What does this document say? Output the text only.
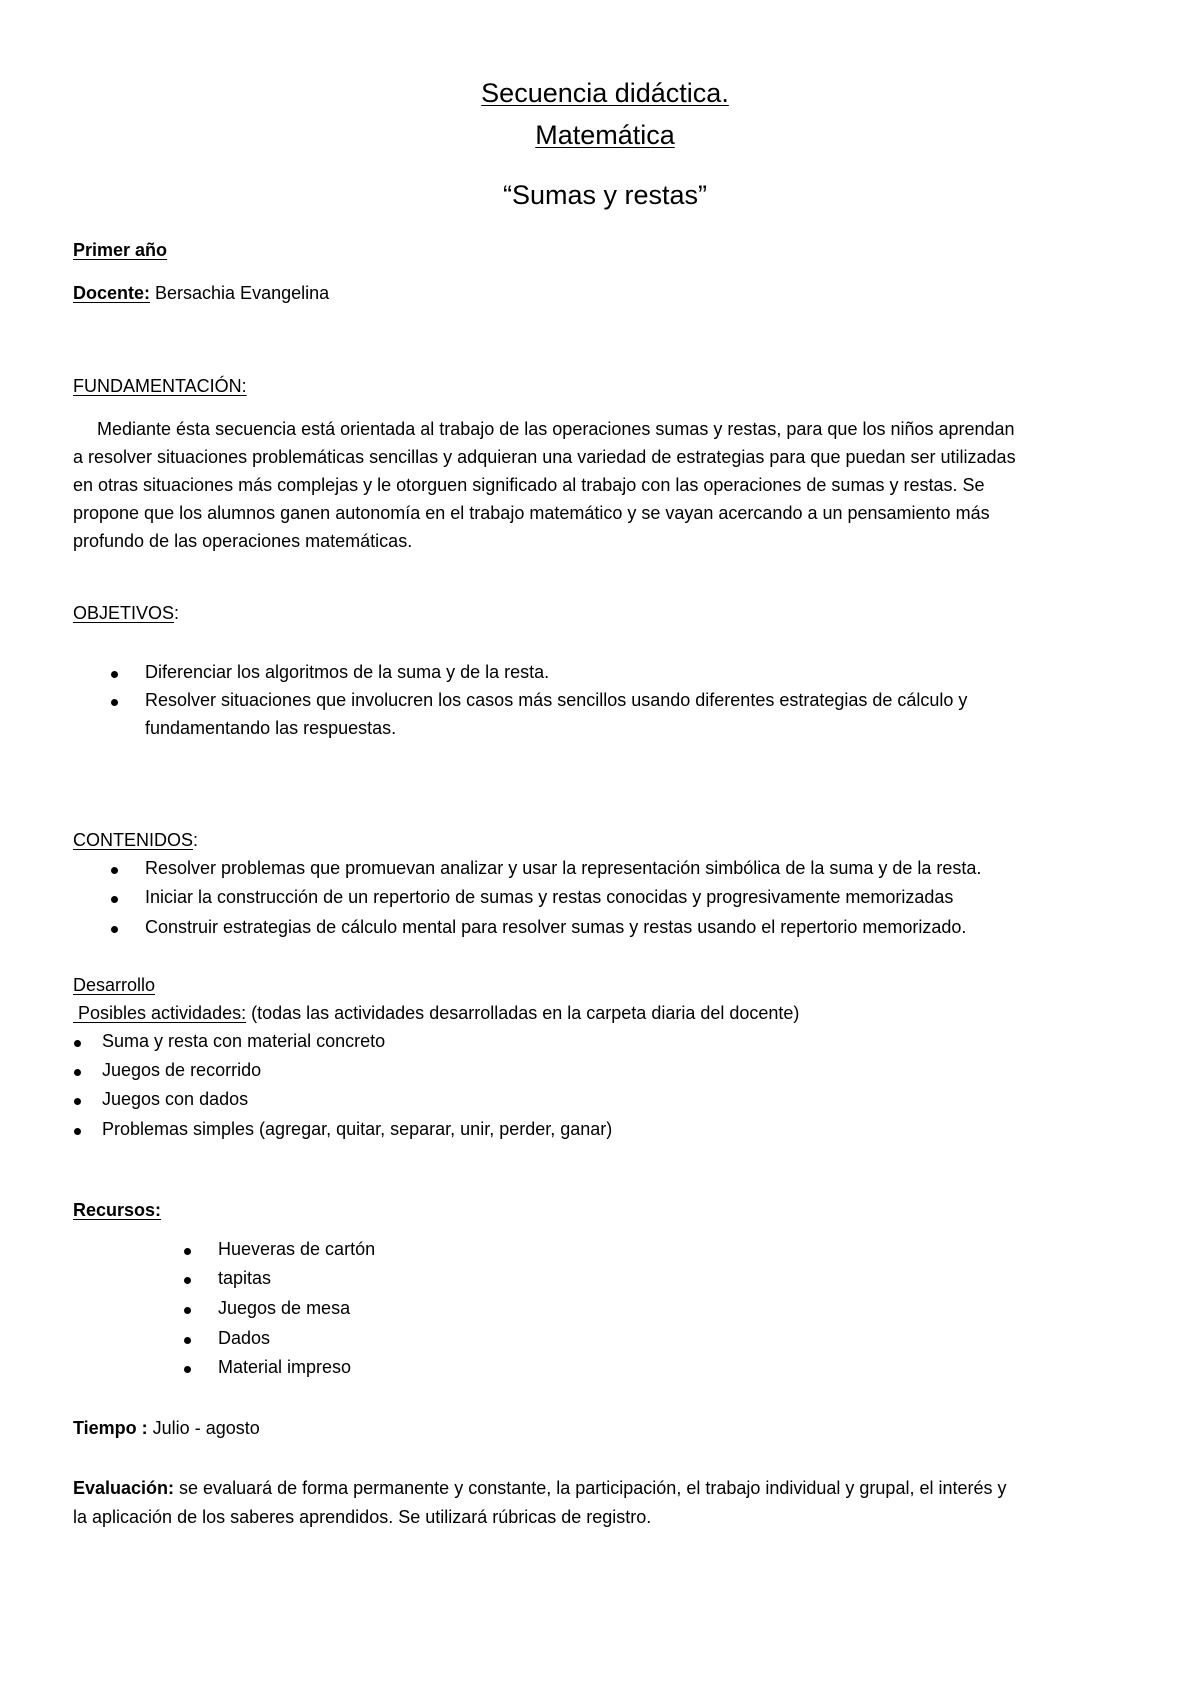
Secuencia didáctica.
Matemática
“Sumas y restas”
Primer año
Docente: Bersachia Evangelina
FUNDAMENTACIÓN:
Mediante ésta secuencia está orientada al trabajo de las operaciones sumas y restas, para que los niños aprendan
a resolver situaciones problemáticas sencillas y adquieran una variedad de estrategias para que puedan ser utilizadas
en otras situaciones más complejas y le otorguen significado al trabajo con las operaciones de sumas y restas. Se
propone que los alumnos ganen autonomía en el trabajo matemático y se vayan acercando a un pensamiento más
profundo de las operaciones matemáticas.
OBJETIVOS:
Diferenciar los algoritmos de la suma y de la resta.
Resolver situaciones que involucren los casos más sencillos usando diferentes estrategias de cálculo y
fundamentando las respuestas.
CONTENIDOS:
Resolver problemas que promuevan analizar y usar la representación simbólica de la suma y de la resta.
Iniciar la construcción de un repertorio de sumas y restas conocidas y progresivamente memorizadas
Construir estrategias de cálculo mental para resolver sumas y restas usando el repertorio memorizado.
Desarrollo
Posibles actividades: (todas las actividades desarrolladas en la carpeta diaria del docente)
Suma y resta con material concreto
Juegos de recorrido
Juegos con dados
Problemas simples (agregar, quitar, separar, unir, perder, ganar)
Recursos:
Hueveras de cartón
tapitas
Juegos de mesa
Dados
Material impreso
Tiempo : Julio - agosto
Evaluación: se evaluará de forma permanente y constante, la participación, el trabajo individual y grupal, el interés y
la aplicación de los saberes aprendidos. Se utilizará rúbricas de registro.
